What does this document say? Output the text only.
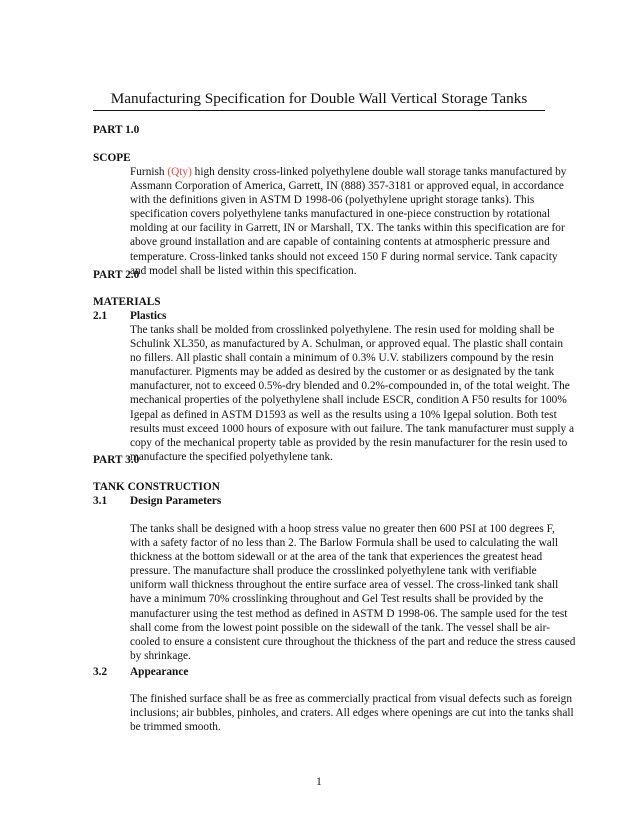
Manufacturing Specification for Double Wall Vertical Storage Tanks
PART 1.0
SCOPE
Furnish (Qty) high density cross-linked polyethylene double wall storage tanks manufactured by
Assmann Corporation of America, Garrett, IN (888) 357-3181 or approved equal, in accordance
with the definitions given in ASTM D 1998-06 (polyethylene upright storage tanks). This
specification covers polyethylene tanks manufactured in one-piece construction by rotational
molding at our facility in Garrett, IN or Marshall, TX. The tanks within this specification are for
above ground installation and are capable of containing contents at atmospheric pressure and
temperature. Cross-linked tanks should not exceed 150 F during normal service. Tank capacity
and model shall be listed within this specification.
PART 2.0
MATERIALS
2.1 Plastics
The tanks shall be molded from crosslinked polyethylene. The resin used for molding shall be
Schulink XL350, as manufactured by A. Schulman, or approved equal. The plastic shall contain
no fillers. All plastic shall contain a minimum of 0.3% U.V. stabilizers compound by the resin
manufacturer. Pigments may be added as desired by the customer or as designated by the tank
manufacturer, not to exceed 0.5%-dry blended and 0.2%-compounded in, of the total weight. The
mechanical properties of the polyethylene shall include ESCR, condition A F50 results for 100%
Igepal as defined in ASTM D1593 as well as the results using a 10% Igepal solution. Both test
results must exceed 1000 hours of exposure with out failure. The tank manufacturer must supply a
copy of the mechanical property table as provided by the resin manufacturer for the resin used to
manufacture the specified polyethylene tank.
PART 3.0
TANK CONSTRUCTION
3.1 Design Parameters
The tanks shall be designed with a hoop stress value no greater then 600 PSI at 100 degrees F,
with a safety factor of no less than 2. The Barlow Formula shall be used to calculating the wall
thickness at the bottom sidewall or at the area of the tank that experiences the greatest head
pressure. The manufacture shall produce the crosslinked polyethylene tank with verifiable
uniform wall thickness throughout the entire surface area of vessel. The cross-linked tank shall
have a minimum 70% crosslinking throughout and Gel Test results shall be provided by the
manufacturer using the test method as defined in ASTM D 1998-06. The sample used for the test
shall come from the lowest point possible on the sidewall of the tank. The vessel shall be air-
cooled to ensure a consistent cure throughout the thickness of the part and reduce the stress caused
by shrinkage.
3.2 Appearance
The finished surface shall be as free as commercially practical from visual defects such as foreign
inclusions; air bubbles, pinholes, and craters. All edges where openings are cut into the tanks shall
be trimmed smooth.
1
